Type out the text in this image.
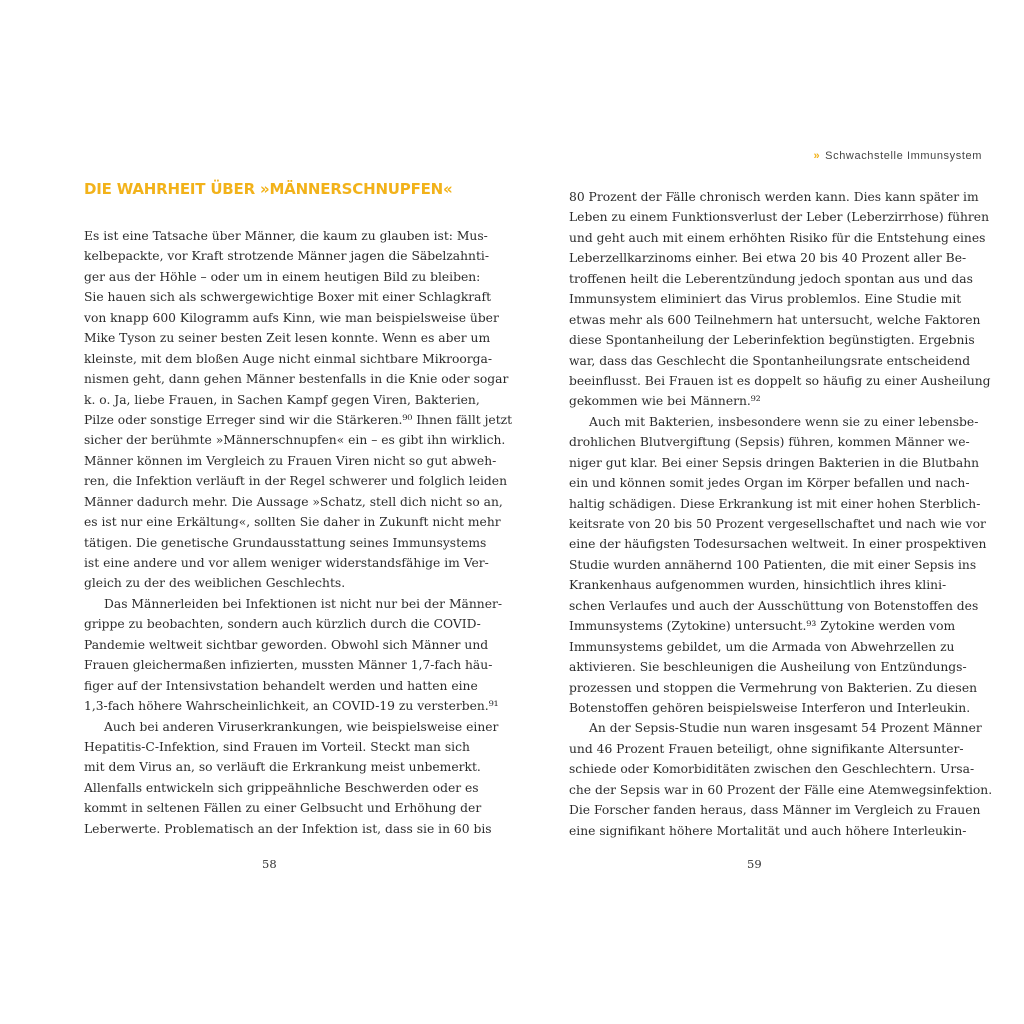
DIE WAHRHEIT ÜBER »MÄNNERSCHNUPFEN«
Es ist eine Tatsache über Männer, die kaum zu glauben ist: Mus-
kelbepackte, vor Kraft strotzende Männer jagen die Säbelzahnti-
ger aus der Höhle – oder um in einem heutigen Bild zu bleiben:
Sie hauen sich als schwergewichtige Boxer mit einer Schlagkraft
von knapp 600 Kilogramm aufs Kinn, wie man beispielsweise über
Mike Tyson zu seiner besten Zeit lesen konnte. Wenn es aber um
kleinste, mit dem bloßen Auge nicht einmal sichtbare Mikroorga-
nismen geht, dann gehen Männer bestenfalls in die Knie oder sogar
k. o. Ja, liebe Frauen, in Sachen Kampf gegen Viren, Bakterien,
Pilze oder sonstige Erreger sind wir die Stärkeren.⁹⁰ Ihnen fällt jetzt
sicher der berühmte »Männerschnupfen« ein – es gibt ihn wirklich.
Männer können im Vergleich zu Frauen Viren nicht so gut abweh-
ren, die Infektion verläuft in der Regel schwerer und folglich leiden
Männer dadurch mehr. Die Aussage »Schatz, stell dich nicht so an,
es ist nur eine Erkältung«, sollten Sie daher in Zukunft nicht mehr
tätigen. Die genetische Grundausstattung seines Immunsystems
ist eine andere und vor allem weniger widerstandsfähige im Ver-
gleich zu der des weiblichen Geschlechts.
Das Männerleiden bei Infektionen ist nicht nur bei der Männer-
grippe zu beobachten, sondern auch kürzlich durch die COVID-
Pandemie weltweit sichtbar geworden. Obwohl sich Männer und
Frauen gleichermaßen infizierten, mussten Männer 1,7-fach häu-
figer auf der Intensivstation behandelt werden und hatten eine
1,3-fach höhere Wahrscheinlichkeit, an COVID-19 zu versterben.⁹¹
Auch bei anderen Viruserkrankungen, wie beispielsweise einer
Hepatitis-C-Infektion, sind Frauen im Vorteil. Steckt man sich
mit dem Virus an, so verläuft die Erkrankung meist unbemerkt.
Allenfalls entwickeln sich grippeähnliche Beschwerden oder es
kommt in seltenen Fällen zu einer Gelbsucht und Erhöhung der
Leberwerte. Problematisch an der Infektion ist, dass sie in 60 bis
58
» Schwachstelle Immunsystem
80 Prozent der Fälle chronisch werden kann. Dies kann später im
Leben zu einem Funktionsverlust der Leber (Leberzirrhose) führen
und geht auch mit einem erhöhten Risiko für die Entstehung eines
Leberzellkarzinoms einher. Bei etwa 20 bis 40 Prozent aller Be-
troffenen heilt die Leberentzündung jedoch spontan aus und das
Immunsystem eliminiert das Virus problemlos. Eine Studie mit
etwas mehr als 600 Teilnehmern hat untersucht, welche Faktoren
diese Spontanheilung der Leberinfektion begünstigten. Ergebnis
war, dass das Geschlecht die Spontanheilungsrate entscheidend
beeinflusst. Bei Frauen ist es doppelt so häufig zu einer Ausheilung
gekommen wie bei Männern.⁹²
Auch mit Bakterien, insbesondere wenn sie zu einer lebensbe-
drohlichen Blutvergiftung (Sepsis) führen, kommen Männer we-
niger gut klar. Bei einer Sepsis dringen Bakterien in die Blutbahn
ein und können somit jedes Organ im Körper befallen und nach-
haltig schädigen. Diese Erkrankung ist mit einer hohen Sterblich-
keitsrate von 20 bis 50 Prozent vergesellschaftet und nach wie vor
eine der häufigsten Todesursachen weltweit. In einer prospektiven
Studie wurden annähernd 100 Patienten, die mit einer Sepsis ins
Krankenhaus aufgenommen wurden, hinsichtlich ihres klini-
schen Verlaufes und auch der Ausschüttung von Botenstoffen des
Immunsystems (Zytokine) untersucht.⁹³ Zytokine werden vom
Immunsystems gebildet, um die Armada von Abwehrzellen zu
aktivieren. Sie beschleunigen die Ausheilung von Entzündungs-
prozessen und stoppen die Vermehrung von Bakterien. Zu diesen
Botenstoffen gehören beispielsweise Interferon und Interleukin.
An der Sepsis-Studie nun waren insgesamt 54 Prozent Männer
und 46 Prozent Frauen beteiligt, ohne signifikante Altersunter-
schiede oder Komorbiditäten zwischen den Geschlechtern. Ursa-
che der Sepsis war in 60 Prozent der Fälle eine Atemwegsinfektion.
Die Forscher fanden heraus, dass Männer im Vergleich zu Frauen
eine signifikant höhere Mortalität und auch höhere Interleukin-
59
